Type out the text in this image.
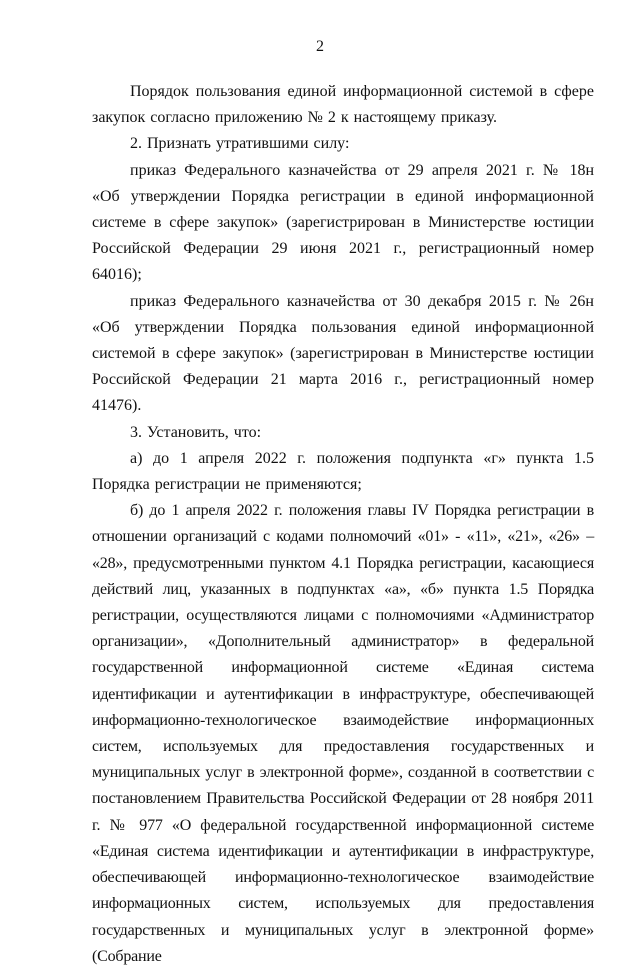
2

Порядок пользования единой информационной системой в сфере закупок согласно приложению № 2 к настоящему приказу.

2. Признать утратившими силу:

приказ Федерального казначейства от 29 апреля 2021 г. № 18н «Об утверждении Порядка регистрации в единой информационной системе в сфере закупок» (зарегистрирован в Министерстве юстиции Российской Федерации 29 июня 2021 г., регистрационный номер 64016);

приказ Федерального казначейства от 30 декабря 2015 г. № 26н «Об утверждении Порядка пользования единой информационной системой в сфере закупок» (зарегистрирован в Министерстве юстиции Российской Федерации 21 марта 2016 г., регистрационный номер 41476).

3. Установить, что:

а) до 1 апреля 2022 г. положения подпункта «г» пункта 1.5 Порядка регистрации не применяются;

б) до 1 апреля 2022 г. положения главы IV Порядка регистрации в отношении организаций с кодами полномочий «01» - «11», «21», «26» – «28», предусмотренными пунктом 4.1 Порядка регистрации, касающиеся действий лиц, указанных в подпунктах «а», «б» пункта 1.5 Порядка регистрации, осуществляются лицами с полномочиями «Администратор организации», «Дополнительный администратор» в федеральной государственной информационной системе «Единая система идентификации и аутентификации в инфраструктуре, обеспечивающей информационно-технологическое взаимодействие информационных систем, используемых для предоставления государственных и муниципальных услуг в электронной форме», созданной в соответствии с постановлением Правительства Российской Федерации от 28 ноября 2011 г. № 977 «О федеральной государственной информационной системе «Единая система идентификации и аутентификации в инфраструктуре, обеспечивающей информационно-технологическое взаимодействие информационных систем, используемых для предоставления государственных и муниципальных услуг в электронной форме» (Собрание
